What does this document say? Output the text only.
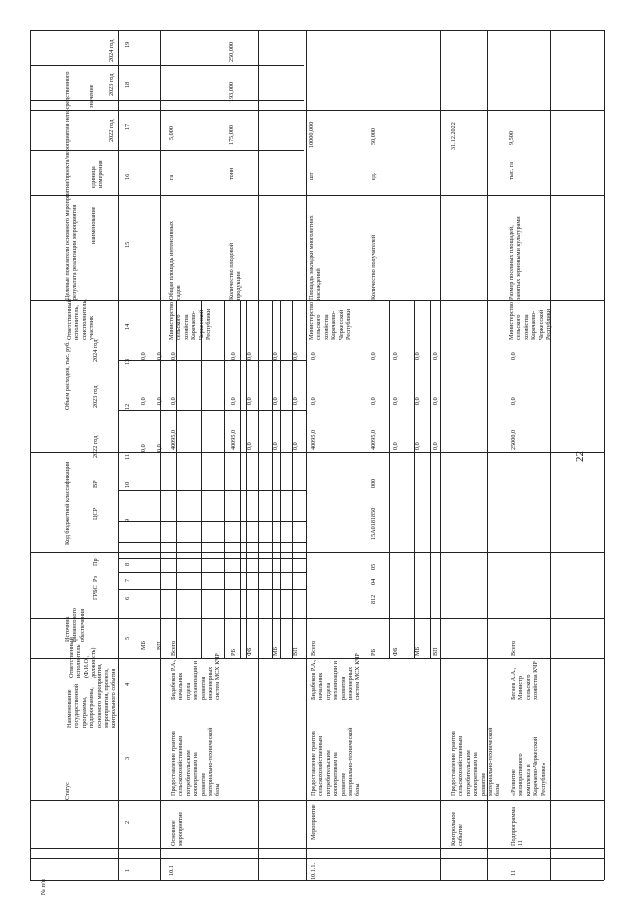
№ п/п
Статус
Наименование
государственной
программы,
подпрограммы,
основного мероприятия,
мероприятия, проекта,
контрольного события
Ответственный
исполнитель
(Ф.И.О.,
должность)
Источник
финансового
обеспечения
Код бюджетной классификации
ГРБС
Рз
Пр
ЦСР
ВР
Объем расходов, тыс. руб.
2022 год
2023 год
2024 год
Ответственный
исполнитель,
соисполнитель,
участник
Целевые показатели основного мероприятия/проекта/мероприятия непосредственного
результата реализации мероприятия наименование
единица
измерения
значение
2022 год
2023 год
2024 год
1
2
3
4
5
6
7
8
9
10
11
12
13
14
15
16
17
18
19
МБ
0,0
0,0
0,0
ВП
0,0
0,0
0,0
10.1
Основное
мероприятие
Предоставление грантов
сельскохозяйственным
потребительским
кооперативам на
развитие
материально-технической
базы
Бидабеков Р.А.,
начальник
отдела
механизации и
развития
инженерных
систем МСХ КЧР
Всего
40095,0
0,0
0,0
РБ
40095,0
0,0
0,0
ФБ
0,0
0,0
0,0
МБ
0,0
0,0
0,0
ВП
0,0
0,0
0,0
Министерство
сельского
хозяйства
Карачаево-
Черкесской
Республики
Общая площадь интенсивных
садов
га
5,000
Количество плодовой
продукции
тонн
175,000
193,000
250,000
10.1.1.
Мероприятие
Предоставление грантов
сельскохозяйственным
потребительским
кооперативам на
развитие
материально-технической
базы
Бидабеков Р.А.,
начальник
отдела
механизации и
развития
инженерных
систем МСХ КЧР
Всего
40095,0
0,0
0,0
РБ
40095,0
0,0
0,0
ФБ
0,0
0,0
0,0
МБ
0,0
0,0
0,0
ВП
0,0
0,0
0,0
812
04
05
15А0181850
000
Министерство
сельского
хозяйства
Карачаево-
Черкесской
Республики
Площадь закладки многолетних
насаждений
шт
10000,000
Количество получателей
ед.
50,000
Контрольное
событие
Предоставление грантов
сельскохозяйственным
потребительским
кооперативам на
развитие
материально-технической
базы
31.12.2022
11
Подпрограмма
11
«Развитие
мелиоративного
комплекса в
Карачаево-Черкесской
Республике»
Бегаев А.А.,
Министр
сельского
хозяйства КЧР
Всего
25000,0
0,0
0,0
Министерство
сельского
хозяйства
Карачаево-
Черкесской
Республики
Размер посевных площадей,
занятых зерновыми культурами
тыс. га
9,500
22
